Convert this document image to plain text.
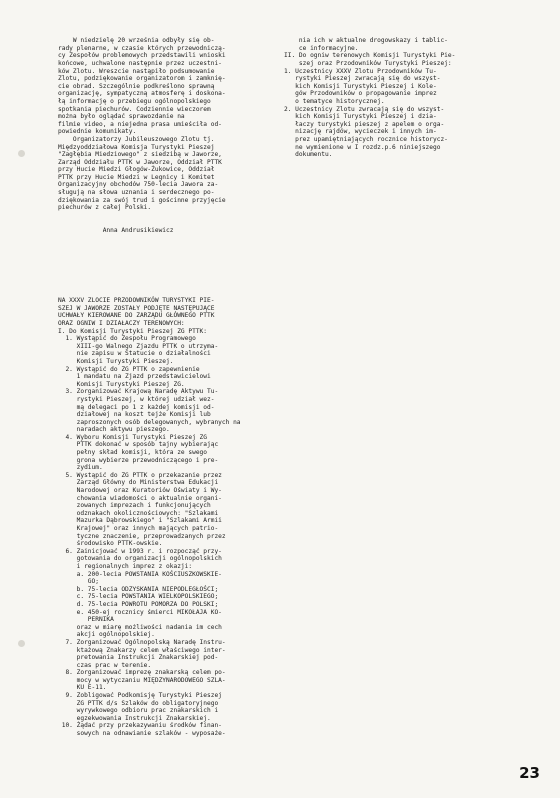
W niedzielę 20 września odbyły się ob-
rady plenarne, w czasie których przewodniczą-
cy Zespołów problemowych przedstawili wnioski
końcowe, uchwalone następnie przez uczestni-
ków Zlotu. Wreszcie nastąpiło podsumowanie
Zlotu, podziękowanie organizatorom i zamknię-
cie obrad. Szczególnie podkreślono sprawną
organizację, sympatyczną atmosferę i doskona-
łą informację o przebiegu ogólnopolskiego
spotkania piechurów. Codziennie wieczorem
można było oglądać sprawozdanie na
filmie video, a niejedna prasa umieściła od-
powiednie komunikaty.
Organizatorzy Jubileuszowego Zlotu tj.
Międzyoddziałowa Komisja Turystyki Pieszej
"Zagłębia Miedziowego" z siedzibą w Jaworze,
Zarząd Oddziału PTTK w Jaworze, Oddział PTTK
przy Hucie Miedzi Głogów-Żukowice, Oddział
PTTK przy Hucie Miedzi w Legnicy i Komitet
Organizacyjny obchodów 750-lecia Jawora za-
sługują na słowa uznania i serdecznego po-
dziękowania za swój trud i gościnne przyjęcie
piechurów z całej Polski.

Anna Andrusikiewicz

nia ich w aktualne drogowskazy i tablic-
ce informacyjne.
II. Do ogniw terenowych Komisji Turystyki Pie-
szej oraz Przodowników Turystyki Pieszej:
1. Uczestnicy XXXV Zlotu Przodowników Tu-
rystyki Pieszej zwracają się do wszyst-
kich Komisji Turystyki Pieszej i Kole-
gów Przodowników o propagowanie imprez
o tematyce historycznej.
2. Uczestnicy Zlotu zwracają się do wszyst-
kich Komisji Turystyki Pieszej i dzia-
łaczy turystyki pieszej z apelem o orga-
nizację rajdów, wycieczek i innych im-
prez upamiętniających rocznice historycz-
ne wymienione w I rozdz.p.6 niniejszego
dokumentu.

NA XXXV ZLOCIE PRZODOWNIKÓW TURYSTYKI PIE-
SZEJ W JAWORZE ZOSTAŁY PODJĘTE NASTĘPUJĄCE
UCHWAŁY KIEROWANE DO ZARZĄDU GŁÓWNEGO PTTK
ORAZ OGNIW I DZIAŁACZY TERENOWYCH:
I. Do Komisji Turystyki Pieszej ZG PTTK:
1. Wystąpić do Zespołu Programowego
XIII-go Walnego Zjazdu PTTK o utrzyma-
nie zapisu w Statucie o działalności
Komisji Turystyki Pieszej.
2. Wystąpić do ZG PTTK o zapewnienie
1 mandatu na Zjazd przedstawicielowi
Komisji Turystyki Pieszej ZG.
3. Zorganizować Krajową Naradę Aktywu Tu-
rystyki Pieszej, w której udział wez-
mą delegaci po 1 z każdej komisji od-
działowej na koszt tejże Komisji lub
zaproszonych osób delegowanych, wybranych na
naradach aktywu pieszego.
4. Wyboru Komisji Turystyki Pieszej ZG
PTTK dokonać w sposób tajny wybierając
pełny skład komisji, która ze swego
grona wybierze przewodniczącego i pre-
zydium.
5. Wystąpić do ZG PTTK o przekazanie przez
Zarząd Główny do Ministerstwa Edukacji
Narodowej oraz Kuratoriów Oświaty i Wy-
chowania wiadomości o aktualnie organi-
zowanych imprezach i funkcjonujących
odznakach okolicznościowych: "Szlakami
Mazurka Dąbrowskiego" i "Szlakami Armii
Krajowej" oraz innych mających patrio-
tyczne znaczenie, przeprowadzanych przez
środowisko PTTK-owskie.
6. Zainicjować w 1993 r. i rozpocząć przy-
gotowania do organizacji ogólnopolskich
i regionalnych imprez z okazji:
a. 200-lecia POWSTANIA KOŚCIUSZKOWSKIE-
GO;
b. 75-lecia ODZYSKANIA NIEPODLEGŁOŚCI;
c. 75-lecia POWSTANIA WIELKOPOLSKIEGO;
d. 75-lecia POWROTU POMORZA DO POLSKI;
e. 450-ej rocznicy śmierci MIKOŁAJA KO-
PERNIKA
oraz w miarę możliwości nadania im cech
akcji ogólnopolskiej.
7. Zorganizować Ogólnopolską Naradę Instru-
ktażową Znakarzy celem właściwego inter-
pretowania Instrukcji Znakarskiej pod-
czas prac w terenie.
8. Zorganizować imprezę znakarską celem po-
mocy w wytyczaniu MIĘDZYNARODOWEGO SZLA-
KU E-11.
9. Zobligować Podkomisję Turystyki Pieszej
ZG PTTK d/s Szlaków do obligatoryjnego
wyrywkowego odbioru prac znakarskich i
egzekwowania Instrukcji Znakarskiej.
10. Żądać przy przekazywaniu środków finan-
sowych na odnawianie szlaków - wyposaże-

23
